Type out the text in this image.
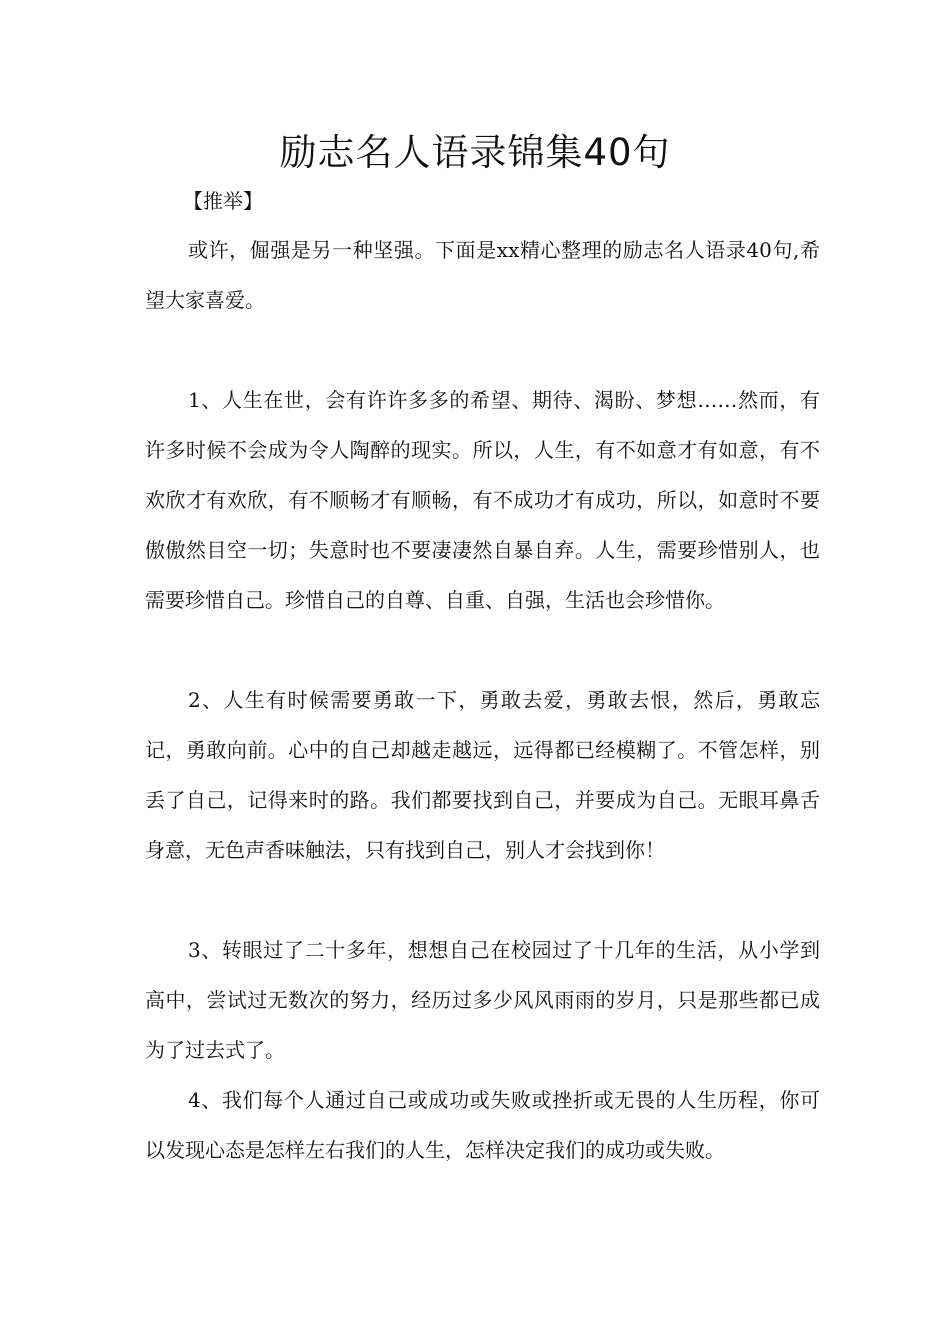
励志名人语录锦集40句
【推举】

或许，倔强是另一种坚强。下面是xx精心整理的励志名人语录40句,希望大家喜爱。

1、人生在世，会有许许多多的希望、期待、渴盼、梦想……然而，有许多时候不会成为令人陶醉的现实。所以，人生，有不如意才有如意，有不欢欣才有欢欣，有不顺畅才有顺畅，有不成功才有成功，所以，如意时不要傲傲然目空一切；失意时也不要凄凄然自暴自弃。人生，需要珍惜别人，也需要珍惜自己。珍惜自己的自尊、自重、自强，生活也会珍惜你。

2、人生有时候需要勇敢一下，勇敢去爱，勇敢去恨，然后，勇敢忘记，勇敢向前。心中的自己却越走越远，远得都已经模糊了。不管怎样，别丢了自己，记得来时的路。我们都要找到自己，并要成为自己。无眼耳鼻舌身意，无色声香味触法，只有找到自己，别人才会找到你！

3、转眼过了二十多年，想想自己在校园过了十几年的生活，从小学到高中，尝试过无数次的努力，经历过多少风风雨雨的岁月，只是那些都已成为了过去式了。

4、我们每个人通过自己或成功或失败或挫折或无畏的人生历程，你可以发现心态是怎样左右我们的人生，怎样决定我们的成功或失败。
